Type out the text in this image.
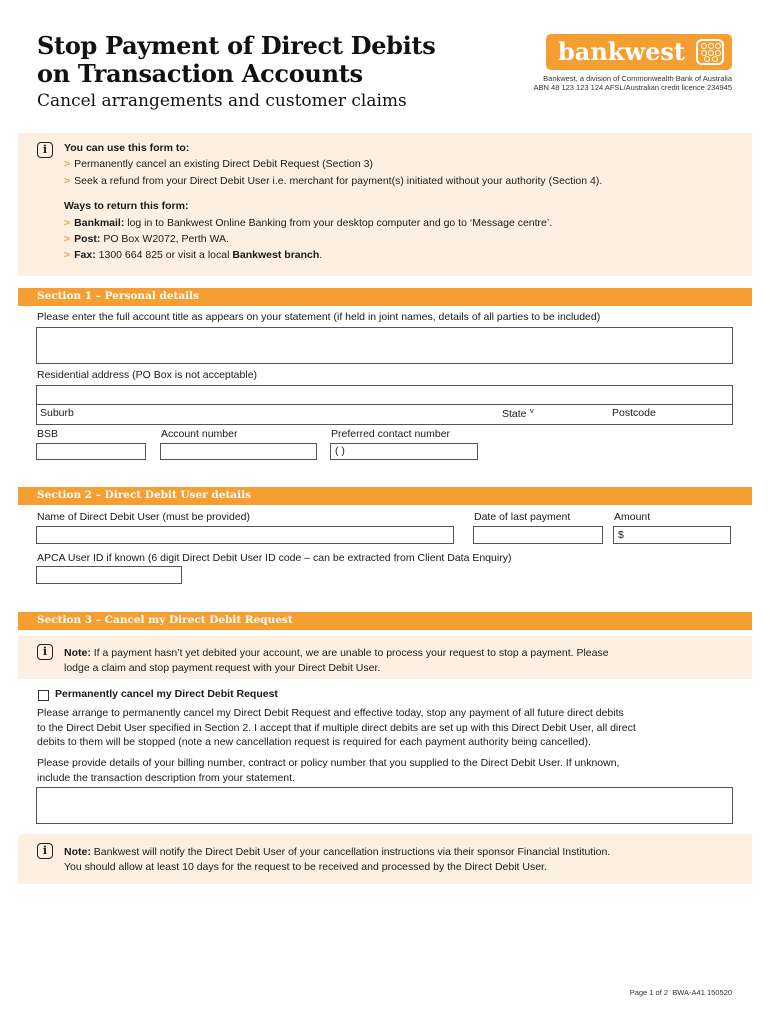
Stop Payment of Direct Debits
on Transaction Accounts
Cancel arrangements and customer claims
bankwest
Bankwest, a division of Commonwealth Bank of Australia
ABN 48 123 123 124 AFSL/Australian credit licence 234945
i	You can use this form to:
> Permanently cancel an existing Direct Debit Request (Section 3)
> Seek a refund from your Direct Debit User i.e. merchant for payment(s) initiated without your authority (Section 4).
Ways to return this form:
> Bankmail: log in to Bankwest Online Banking from your desktop computer and go to ‘Message centre’.
> Post: PO Box W2072, Perth WA.
> Fax: 1300 664 825 or visit a local Bankwest branch.
Section 1 – Personal details
Please enter the full account title as appears on your statement (if held in joint names, details of all parties to be included)
Residential address (PO Box is not acceptable)
Suburb	State ˅	Postcode
BSB	Account number	Preferred contact number
( )
Section 2 – Direct Debit User details
Name of Direct Debit User (must be provided)	Date of last payment	Amount
$
APCA User ID if known (6 digit Direct Debit User ID code – can be extracted from Client Data Enquiry)
Section 3 – Cancel my Direct Debit Request
i	Note: If a payment hasn’t yet debited your account, we are unable to process your request to stop a payment. Please
lodge a claim and stop payment request with your Direct Debit User.
Permanently cancel my Direct Debit Request
Please arrange to permanently cancel my Direct Debit Request and effective today, stop any payment of all future direct debits
to the Direct Debit User specified in Section 2. I accept that if multiple direct debits are set up with this Direct Debit User, all direct
debits to them will be stopped (note a new cancellation request is required for each payment authority being cancelled).
Please provide details of your billing number, contract or policy number that you supplied to the Direct Debit User. If unknown,
include the transaction description from your statement.
i	Note: Bankwest will notify the Direct Debit User of your cancellation instructions via their sponsor Financial Institution.
You should allow at least 10 days for the request to be received and processed by the Direct Debit User.
Page 1 of 2 BWA-A41 150520
